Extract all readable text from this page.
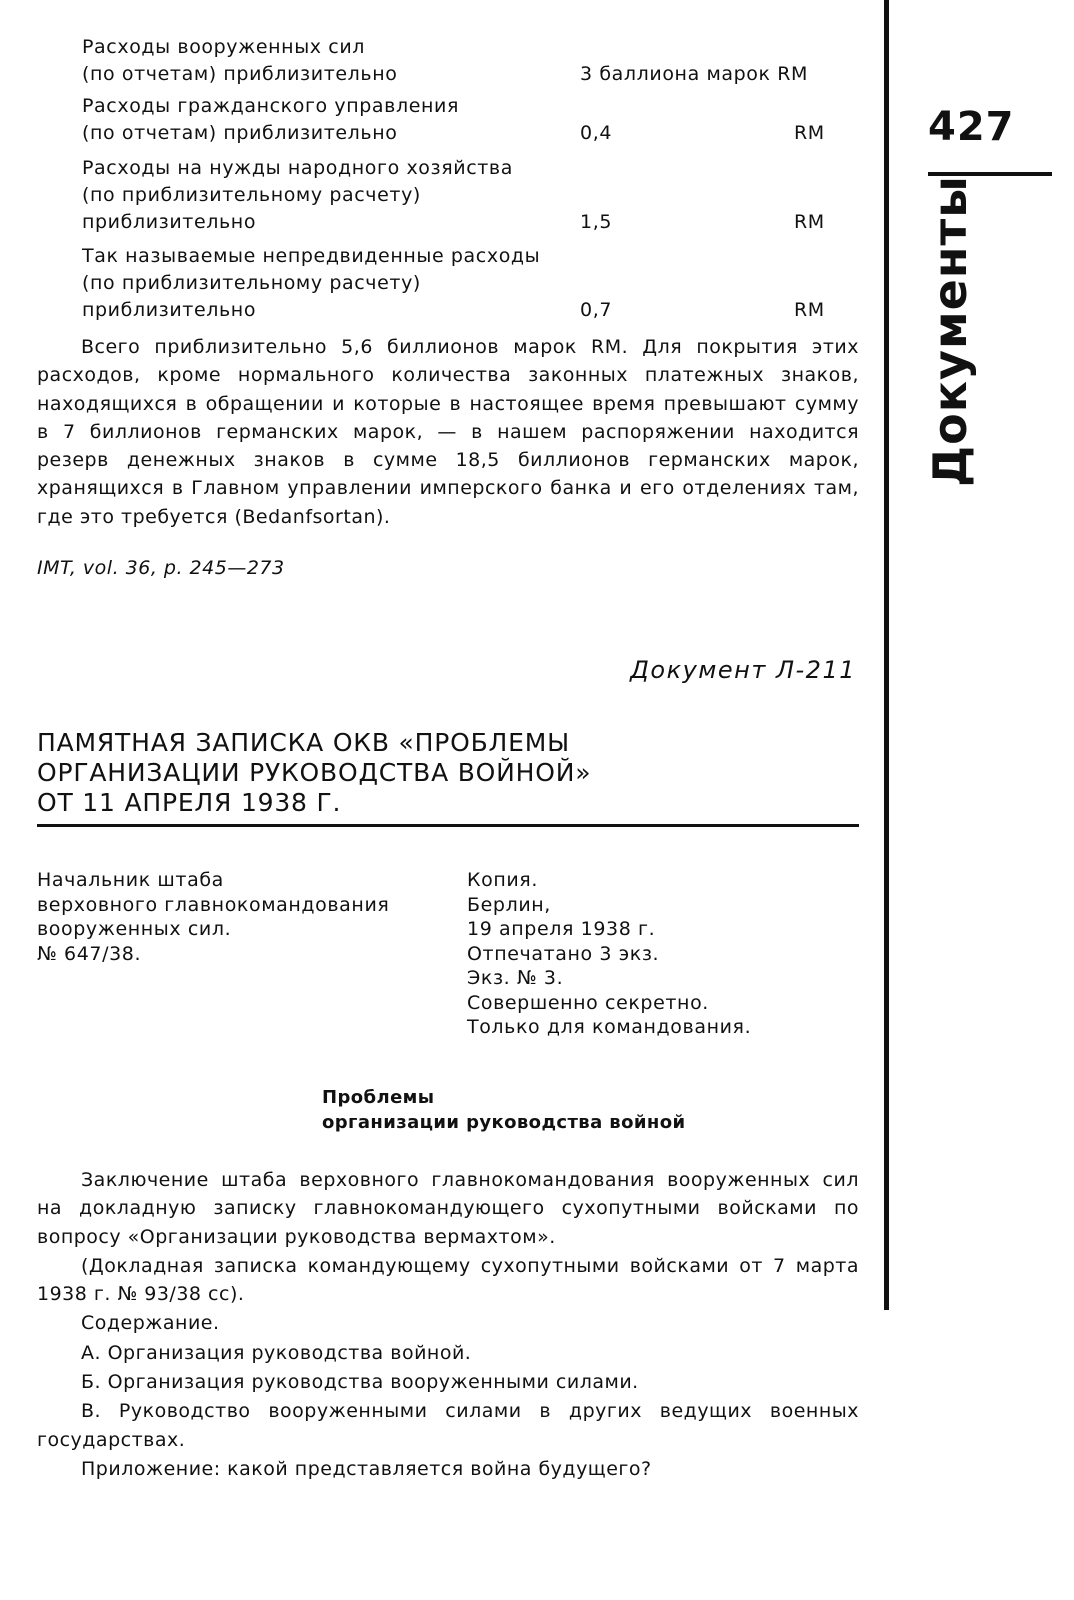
Расходы вооруженных сил
(по отчетам) приблизительно	3 баллиона марок RM
Расходы гражданского управления
(по отчетам) приблизительно	0,4	RM
Расходы на нужды народного хозяйства
(по приблизительному расчету)
приблизительно	1,5	RM
Так называемые непредвиденные расходы
(по приблизительному расчету)
приблизительно	0,7	RM

Всего приблизительно 5,6 биллионов марок RM. Для покрытия этих расходов, кроме нормального количества законных платежных знаков, находящихся в обращении и которые в настоящее время превышают сумму в 7 биллионов германских марок, — в нашем распоряжении находится резерв денежных знаков в сумме 18,5 биллионов германских марок, хранящихся в Главном управлении имперского банка и его отделениях там, где это требуется (Bedanfsortan).

IMT, vol. 36, p. 245—273
Документ Л-211
ПАМЯТНАЯ ЗАПИСКА ОКВ «ПРОБЛЕМЫ
ОРГАНИЗАЦИИ РУКОВОДСТВА ВОЙНОЙ»
ОТ 11 АПРЕЛЯ 1938 Г.
Начальник штаба
верховного главнокомандования
вооруженных сил.
№ 647/38.
Копия.
Берлин,
19 апреля 1938 г.
Отпечатано 3 экз.
Экз. № 3.
Совершенно секретно.
Только для командования.
Проблемы
организации руководства войной

Заключение штаба верховного главнокомандования вооруженных сил на докладную записку главнокомандующего сухопутными войсками по вопросу «Организации руководства вермахтом».

(Докладная записка командующему сухопутными войсками от 7 марта 1938 г. № 93/38 сс).

Содержание.

А. Организация руководства войной.

Б. Организация руководства вооруженными силами.

В. Руководство вооруженными силами в других ведущих военных государствах.

Приложение: какой представляется война будущего?

427
Документы
